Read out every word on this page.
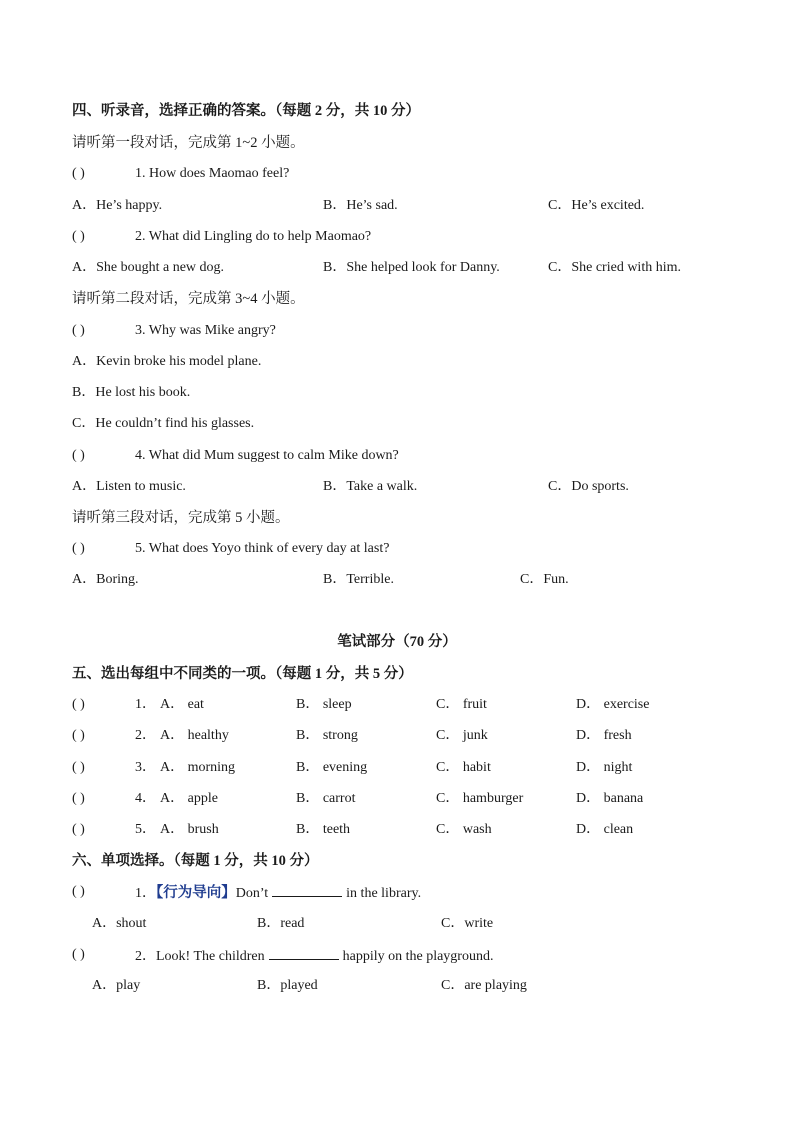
四、听录音，选择正确的答案。（每题 2 分，共 10 分）
请听第一段对话，完成第 1~2 小题。
( )	1. How does Maomao feel?
A．He’s happy.	B．He’s sad.	C．He’s excited.
( )	2. What did Lingling do to help Maomao?
A．She bought a new dog.	B．She helped look for Danny.	C．She cried with him.
请听第二段对话，完成第 3~4 小题。
( )	3. Why was Mike angry?
A．Kevin broke his model plane.
B．He lost his book.
C．He couldn’t find his glasses.
( )	4. What did Mum suggest to calm Mike down?
A．Listen to music.	B．Take a walk.	C．Do sports.
请听第三段对话，完成第 5 小题。
( )	5. What does Yoyo think of every day at last?
A．Boring.	B．Terrible.	C．Fun.
笔试部分（70 分）
五、选出每组中不同类的一项。（每题 1 分，共 5 分）
( )	1． A． eat	B． sleep	C． fruit	D． exercise
( )	2． A． healthy	B． strong	C． junk	D． fresh
( )	3． A． morning	B． evening	C． habit	D． night
( )	4． A． apple	B． carrot	C． hamburger	D． banana
( )	5． A． brush	B． teeth	C． wash	D． clean
六、单项选择。（每题 1 分，共 10 分）
( )	1．【行为导向】Don’t	in the library.
A．shout	B．read	C．write
( )	2．Look! The children	happily on the playground.
A．play	B．played	C．are playing
